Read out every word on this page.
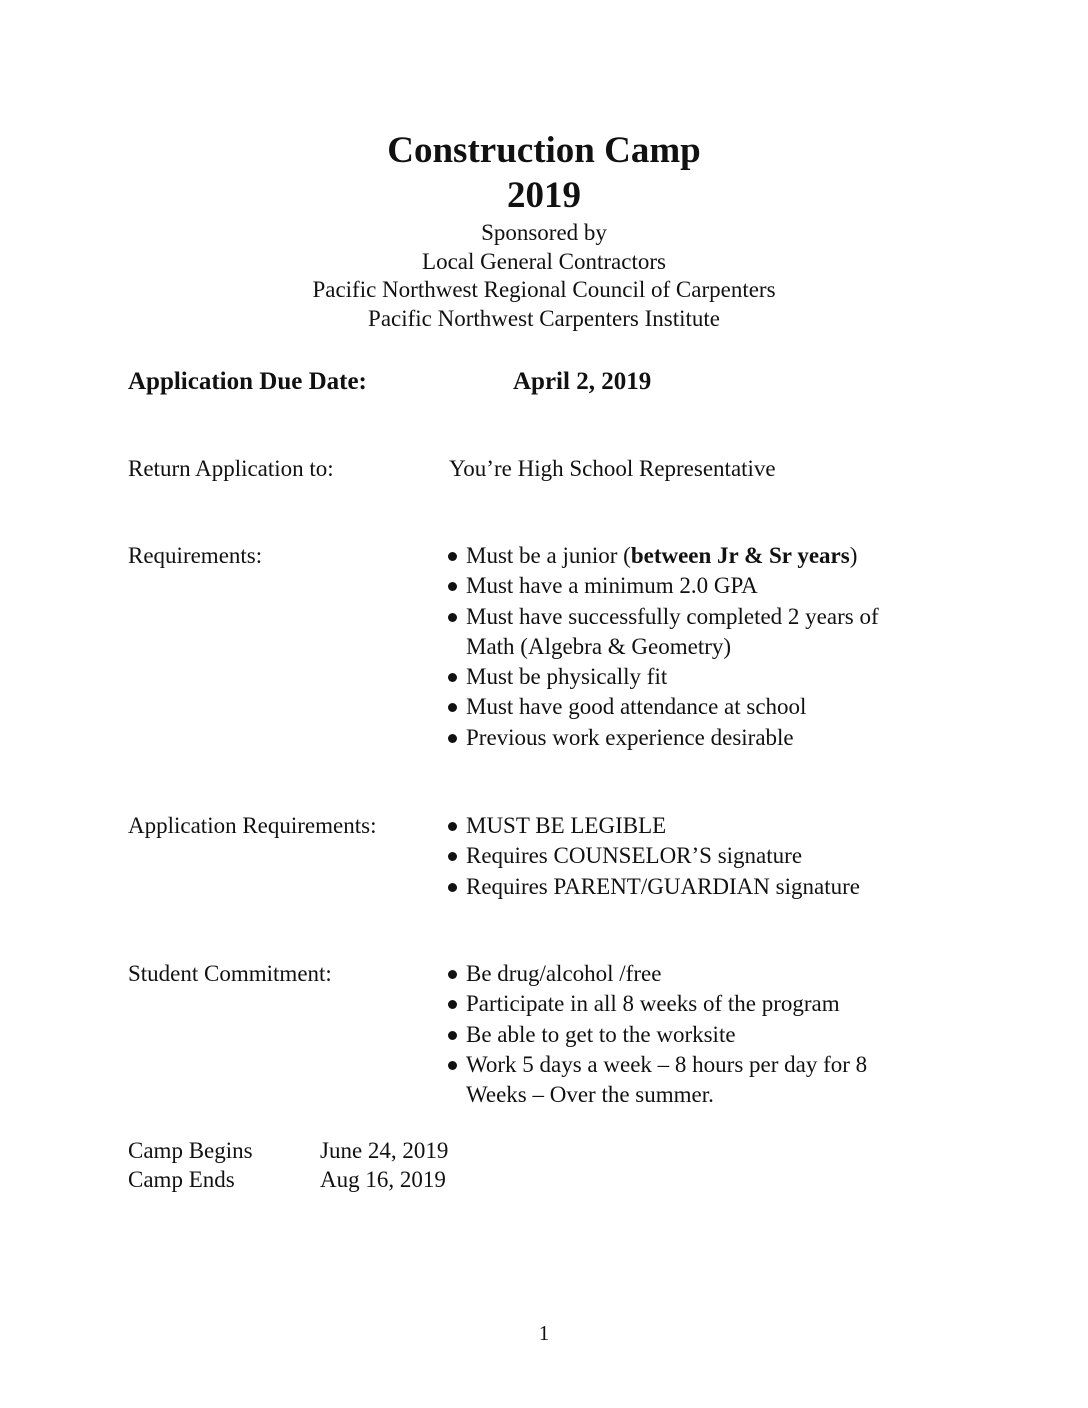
Construction Camp
2019
Sponsored by
Local General Contractors
Pacific Northwest Regional Council of Carpenters
Pacific Northwest Carpenters Institute
Application Due Date:	April 2, 2019
Return Application to:	You’re High School Representative
Requirements:	Must be a junior (between Jr & Sr years)
Must have a minimum 2.0 GPA
Must have successfully completed 2 years of Math (Algebra & Geometry)
Must be physically fit
Must have good attendance at school
Previous work experience desirable
Application Requirements:	MUST BE LEGIBLE
Requires COUNSELOR’S signature
Requires PARENT/GUARDIAN signature
Student Commitment:	Be drug/alcohol /free
Participate in all 8 weeks of the program
Be able to get to the worksite
Work 5 days a week – 8 hours per day for 8 Weeks – Over the summer.
Camp Begins	June 24, 2019
Camp Ends	Aug 16, 2019
1
